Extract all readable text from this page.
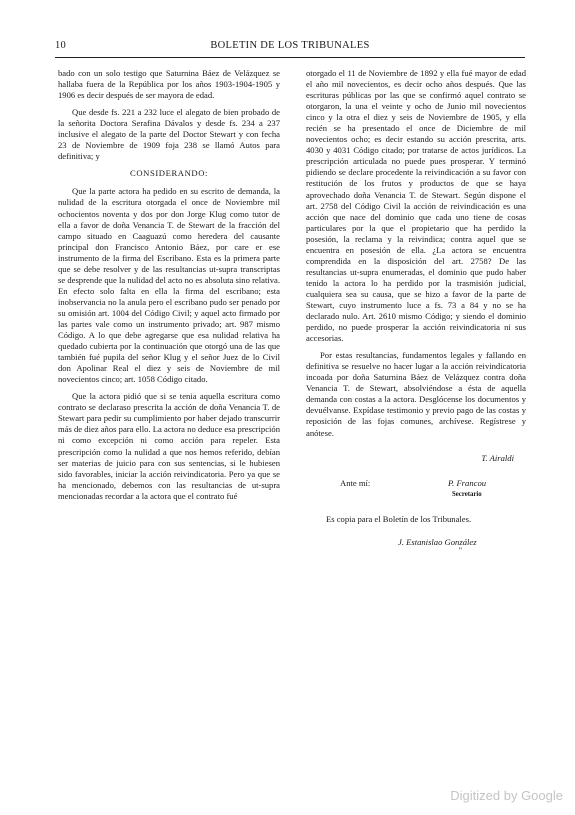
10	BOLETIN DE LOS TRIBUNALES

bado con un solo testigo que Saturnina Báez de Velázquez se hallaba fuera de la República por los años 1903-1904-1905 y 1906 es decir después de ser mayora de edad.

Que desde fs. 221 a 232 luce el alegato de bien probado de la señorita Doctora Serafina Dávalos y desde fs. 234 a 237 inclusive el alegato de la parte del Doctor Stewart y con fecha 23 de Noviembre de 1909 foja 238 se llamó Autos para definitiva; y

CONSIDERANDO:

Que la parte actora ha pedido en su escrito de demanda, la nulidad de la escritura otorgada el once de Noviembre mil ochocientos noventa y dos por don Jorge Klug como tutor de ella a favor de doña Venancia T. de Stewart de la fracción del campo situado en Caaguazú como heredera del causante principal don Francisco Antonio Báez, por care er ese instrumento de la firma del Escribano. Esta es la primera parte que se debe resolver y de las resultancias ut-supra transcriptas se desprende que la nulidad del acto no es absoluta sino relativa. En efecto solo falta en ella la firma del escribano; esta inobservancia no la anula pero el escribano pudo ser penado por su omisión art. 1004 del Código Civil; y aquel acto firmado por las partes vale como un instrumento privado; art. 987 mismo Código. A lo que debe agregarse que esa nulidad relativa ha quedado cubierta por la continuación que otorgó una de las que también fué pupila del señor Klug y el señor Juez de lo Civil don Apolinar Real el diez y seis de Noviembre de mil novecientos cinco; art. 1058 Código citado.

Que la actora pidió que si se tenia aquella escritura como contrato se declaraso prescrita la acción de doña Venancia T. de Stewart para pedir su cumplimiento por haber dejado transcurrir más de diez años para ello. La actora no deduce esa prescripción ni como excepción ni como acción para repeler. Esta prescripción como la nulidad a que nos hemos referido, debían ser materias de juicio para con sus sentencias, si le hubiesen sido favorables, iniciar la acción reivindicatoria. Pero ya que se ha mencionado, debemos con las resultancias de ut-supra mencionadas recordar a la actora que el contrato fué

otorgado el 11 de Noviembre de 1892 y ella fué mayor de edad el año mil novecientos, es decir ocho años después. Que las escrituras públicas por las que se confirmó aquel contrato se otorgaron, la una el veinte y ocho de Junio mil novecientos cinco y la otra el diez y seis de Noviembre de 1905, y ella recién se ha presentado el once de Diciembre de mil novecientos ocho; es decir estando su acción prescrita, arts. 4030 y 4031 Código citado; por tratarse de actos jurídicos. La prescripción articulada no puede pues prosperar. Y terminó pidiendo se declare procedente la reivindicación a su favor con restitución de los frutos y productos de que se haya aprovechado doña Venancia T. de Stewart. Según dispone el art. 2758 del Código Civil la acción de reivindicación es una acción que nace del dominio que cada uno tiene de cosas particulares por la que el propietario que ha perdido la posesión, la reclama y la reivindica; contra aquel que se encuentra en posesión de ella. ¿La actora se encuentra comprendida en la disposición del art. 2758? De las resultancias ut-supra enumeradas, el dominio que pudo haber tenido la actora lo ha perdido por la trasmisión judicial, cualquiera sea su causa, que se hizo a favor de la parte de Stewart, cuyo instrumento luce a fs. 73 a 84 y no se ha declarado nulo. Art. 2610 mismo Código; y siendo el dominio perdido, no puede prosperar la acción reivindicatoria ni sus accesorias.

Por estas resultancias, fundamentos legales y fallando en definitiva se resuelve no hacer lugar a la acción reivindicatoria incoada por doña Saturnina Báez de Velázquez contra doña Venancia T. de Stewart, absolviéndose a ésta de aquella demanda con costas a la actora. Desglócense los documentos y devuélvanse. Expídase testimonio y previo pago de las costas y reposición de las fojas comunes, archívese. Regístrese y anótese.

T. Airaldi

Ante mí:	P. Francou
Secretario

Es copia para el Boletín de los Tribunales.

J. Estanislao González

"

Digitized by Google
